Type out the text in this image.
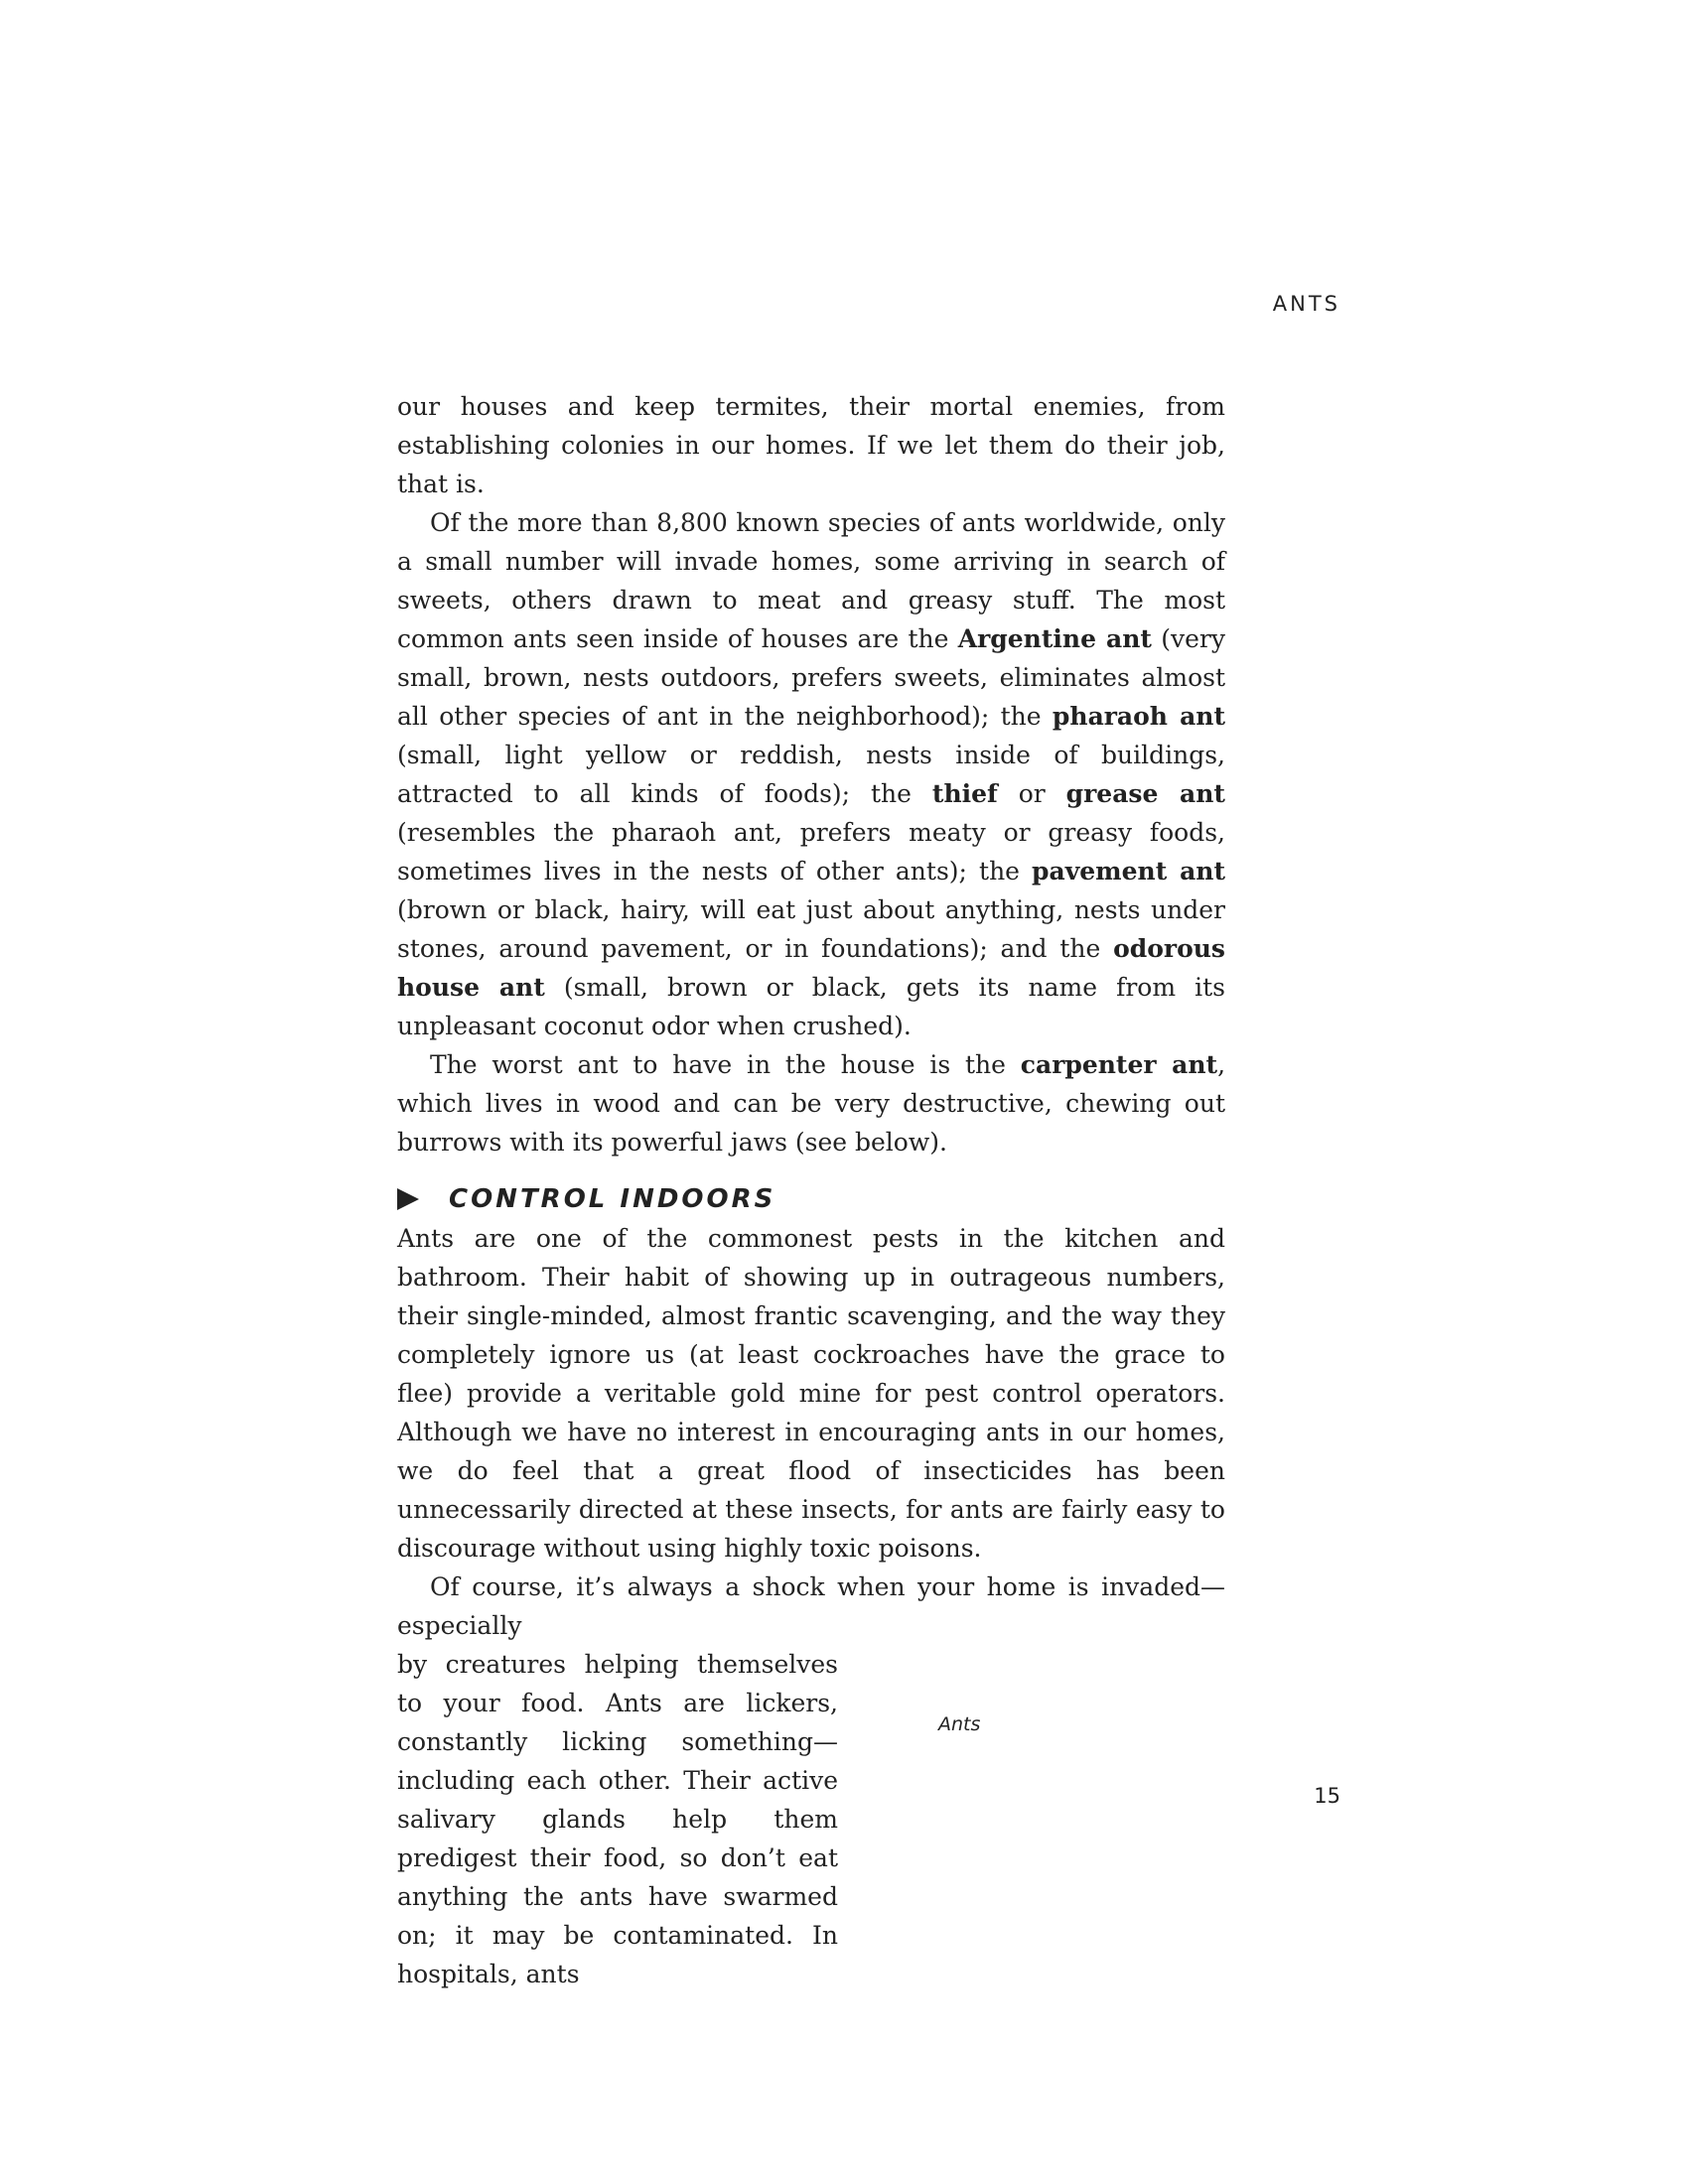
ANTS

our houses and keep termites, their mortal enemies, from establishing colonies in our homes. If we let them do their job, that is.

Of the more than 8,800 known species of ants worldwide, only a small number will invade homes, some arriving in search of sweets, others drawn to meat and greasy stuff. The most common ants seen inside of houses are the Argentine ant (very small, brown, nests outdoors, prefers sweets, eliminates almost all other species of ant in the neighborhood); the pharaoh ant (small, light yellow or reddish, nests inside of buildings, attracted to all kinds of foods); the thief or grease ant (resembles the pharaoh ant, prefers meaty or greasy foods, sometimes lives in the nests of other ants); the pavement ant (brown or black, hairy, will eat just about anything, nests under stones, around pavement, or in foundations); and the odorous house ant (small, brown or black, gets its name from its unpleasant coconut odor when crushed).

The worst ant to have in the house is the carpenter ant, which lives in wood and can be very destructive, chewing out burrows with its powerful jaws (see below).

CONTROL INDOORS

Ants are one of the commonest pests in the kitchen and bathroom. Their habit of showing up in outrageous numbers, their single-minded, almost frantic scavenging, and the way they completely ignore us (at least cockroaches have the grace to flee) provide a veritable gold mine for pest control operators. Although we have no interest in encouraging ants in our homes, we do feel that a great flood of insecticides has been unnecessarily directed at these insects, for ants are fairly easy to discourage without using highly toxic poisons.

Of course, it’s always a shock when your home is invaded—especially

by creatures helping themselves to your food. Ants are lickers, constantly licking something—including each other. Their active salivary glands help them predigest their food, so don’t eat anything the ants have swarmed on; it may be contaminated. In hospitals, ants

Ants
15
